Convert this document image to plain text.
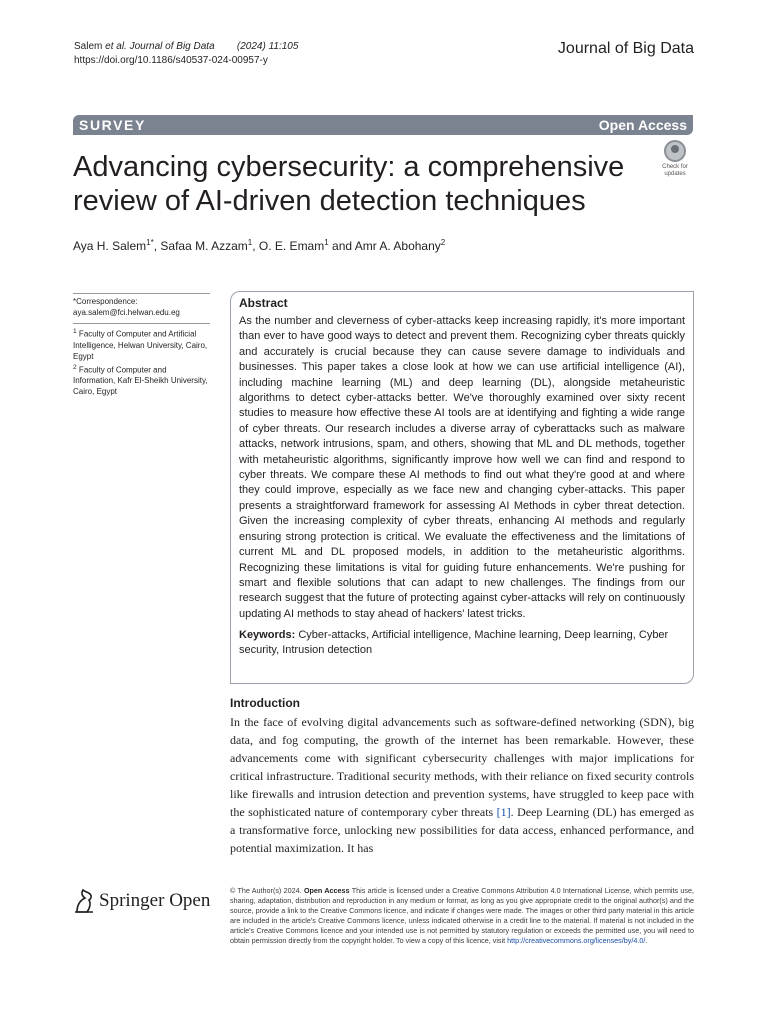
Salem et al. Journal of Big Data (2024) 11:105
https://doi.org/10.1186/s40537-024-00957-y
Journal of Big Data
SURVEY	Open Access
Advancing cybersecurity: a comprehensive review of AI-driven detection techniques
Check for
updates
Aya H. Salem$^{1*}$, Safaa M. Azzam$^1$, O. E. Emam$^1$ and Amr A. Abohany$^2$
*Correspondence:
aya.salem@fci.helwan.edu.eg
$^1$ Faculty of Computer and Artificial Intelligence, Helwan University, Cairo, Egypt
$^2$ Faculty of Computer and Information, Kafr El-Sheikh University, Cairo, Egypt
Abstract

As the number and cleverness of cyber-attacks keep increasing rapidly, it's more important than ever to have good ways to detect and prevent them. Recognizing cyber threats quickly and accurately is crucial because they can cause severe damage to individuals and businesses. This paper takes a close look at how we can use artificial intelligence (AI), including machine learning (ML) and deep learning (DL), alongside metaheuristic algorithms to detect cyber-attacks better. We've thoroughly examined over sixty recent studies to measure how effective these AI tools are at identifying and fighting a wide range of cyber threats. Our research includes a diverse array of cyberattacks such as malware attacks, network intrusions, spam, and others, showing that ML and DL methods, together with metaheuristic algorithms, significantly improve how well we can find and respond to cyber threats. We compare these AI methods to find out what they're good at and where they could improve, especially as we face new and changing cyber-attacks. This paper presents a straightforward framework for assessing AI Methods in cyber threat detection. Given the increasing complexity of cyber threats, enhancing AI methods and regularly ensuring strong protection is critical. We evaluate the effectiveness and the limitations of current ML and DL proposed models, in addition to the metaheuristic algorithms. Recognizing these limitations is vital for guiding future enhancements. We're pushing for smart and flexible solutions that can adapt to new challenges. The findings from our research suggest that the future of protecting against cyber-attacks will rely on continuously updating AI methods to stay ahead of hackers' latest tricks.

Keywords: Cyber-attacks, Artificial intelligence, Machine learning, Deep learning, Cyber security, Intrusion detection
Introduction
In the face of evolving digital advancements such as software-defined networking (SDN), big data, and fog computing, the growth of the internet has been remarkable. However, these advancements come with significant cybersecurity challenges with major implications for critical infrastructure. Traditional security methods, with their reliance on fixed security controls like firewalls and intrusion detection and prevention systems, have struggled to keep pace with the sophisticated nature of contemporary cyber threats [1]. Deep Learning (DL) has emerged as a transformative force, unlocking new possibilities for data access, enhanced performance, and potential maximization. It has
Springer Open	© The Author(s) 2024. Open Access This article is licensed under a Creative Commons Attribution 4.0 International License, which permits use, sharing, adaptation, distribution and reproduction in any medium or format, as long as you give appropriate credit to the original author(s) and the source, provide a link to the Creative Commons licence, and indicate if changes were made. The images or other third party material in this article are included in the article's Creative Commons licence, unless indicated otherwise in a credit line to the material. If material is not included in the article's Creative Commons licence and your intended use is not permitted by statutory regulation or exceeds the permitted use, you will need to obtain permission directly from the copyright holder. To view a copy of this licence, visit http://creativecommons.org/licenses/by/4.0/.
